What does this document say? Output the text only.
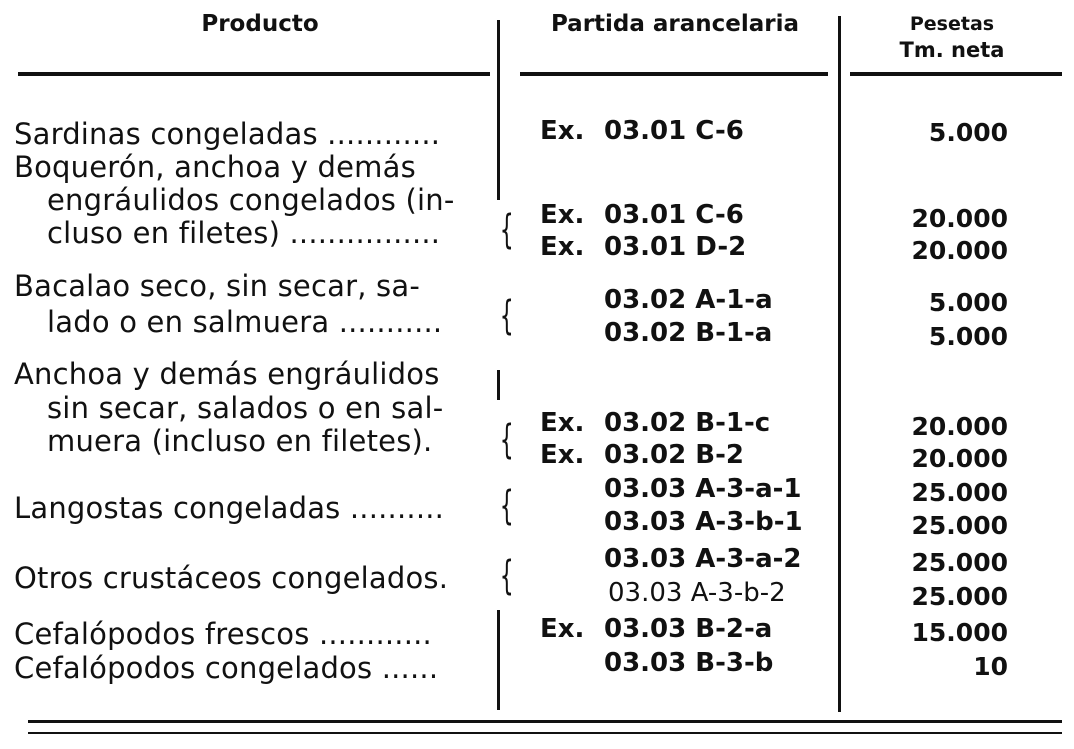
Producto	Partida arancelaria	Pesetas
Tm. neta
Sardinas congeladas ............	Ex. 03.01 C-6	5.000
Boquerón, anchoa y demás
engráulidos congelados (in-
cluso en filetes) ................	{ Ex. 03.01 C-6	20.000
Ex. 03.01 D-2	20.000
Bacalao seco, sin secar, sa-
lado o en salmuera ...........	{	03.02 A-1-a	5.000
03.02 B-1-a	5.000
Anchoa y demás engráulidos
sin secar, salados o en sal-
muera (incluso en filetes).	{ Ex. 03.02 B-1-c	20.000
Ex. 03.02 B-2	20.000
Langostas congeladas ..........	{	03.03 A-3-a-1	25.000
03.03 A-3-b-1	25.000
Otros crustáceos congelados.	{	03.03 A-3-a-2	25.000
03.03 A-3-b-2	25.000
Cefalópodos frescos ............	Ex. 03.03 B-2-a	15.000
Cefalópodos congelados ......	03.03 B-3-b	10
